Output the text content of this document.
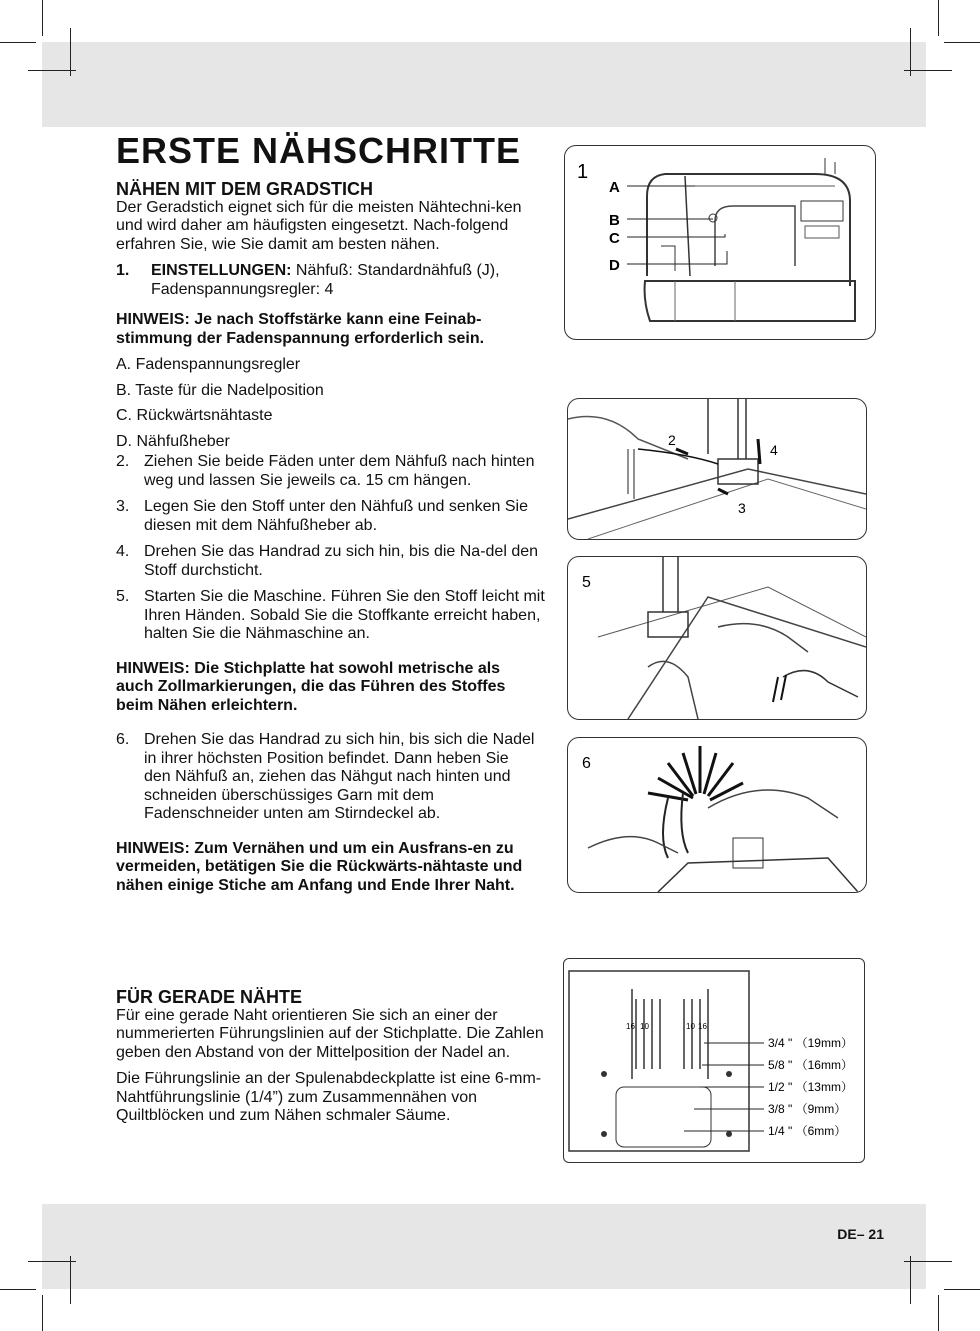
ERSTE NÄHSCHRITTE
NÄHEN MIT DEM GRADSTICH

Der Geradstich eignet sich für die meisten Nähtechni-ken und wird daher am häufigsten eingesetzt. Nach-folgend erfahren Sie, wie Sie damit am besten nähen.

1. EINSTELLUNGEN: Nähfuß: Standardnähfuß (J), Fadenspannungsregler: 4

HINWEIS: Je nach Stoffstärke kann eine Feinab-stimmung der Fadenspannung erforderlich sein.

A. Fadenspannungsregler

B. Taste für die Nadelposition

C. Rückwärtsnähtaste

D. Nähfußheber

2. Ziehen Sie beide Fäden unter dem Nähfuß nach hinten weg und lassen Sie jeweils ca. 15 cm hängen.
3. Legen Sie den Stoff unter den Nähfuß und senken Sie diesen mit dem Nähfußheber ab.
4. Drehen Sie das Handrad zu sich hin, bis die Na-del den Stoff durchsticht.
5. Starten Sie die Maschine. Führen Sie den Stoff leicht mit Ihren Händen. Sobald Sie die Stoffkante erreicht haben, halten Sie die Nähmaschine an.

HINWEIS: Die Stichplatte hat sowohl metrische als auch Zollmarkierungen, die das Führen des Stoffes beim Nähen erleichtern.

6. Drehen Sie das Handrad zu sich hin, bis sich die Nadel in ihrer höchsten Position befindet. Dann heben Sie den Nähfuß an, ziehen das Nähgut nach hinten und schneiden überschüssiges Garn mit dem Fadenschneider unten am Stirndeckel ab.

HINWEIS: Zum Vernähen und um ein Ausfrans-en zu vermeiden, betätigen Sie die Rückwärts-nähtaste und nähen einige Stiche am Anfang und Ende Ihrer Naht.

FÜR GERADE NÄHTE

Für eine gerade Naht orientieren Sie sich an einer der nummerierten Führungslinien auf der Stichplatte. Die Zahlen geben den Abstand von der Mittelposition der Nadel an.

Die Führungslinie an der Spulenabdeckplatte ist eine 6-mm-Nahtführungslinie (1/4”) zum Zusammennähen von Quiltblöcken und zum Nähen schmaler Säume.

1
A
B
C
D
2
3
4
5
6
16 10	10 16
3/4 " （19mm）
5/8 " （16mm）
1/2 " （13mm）
3/8 " （9mm）
1/4 " （6mm）
DE– 21
